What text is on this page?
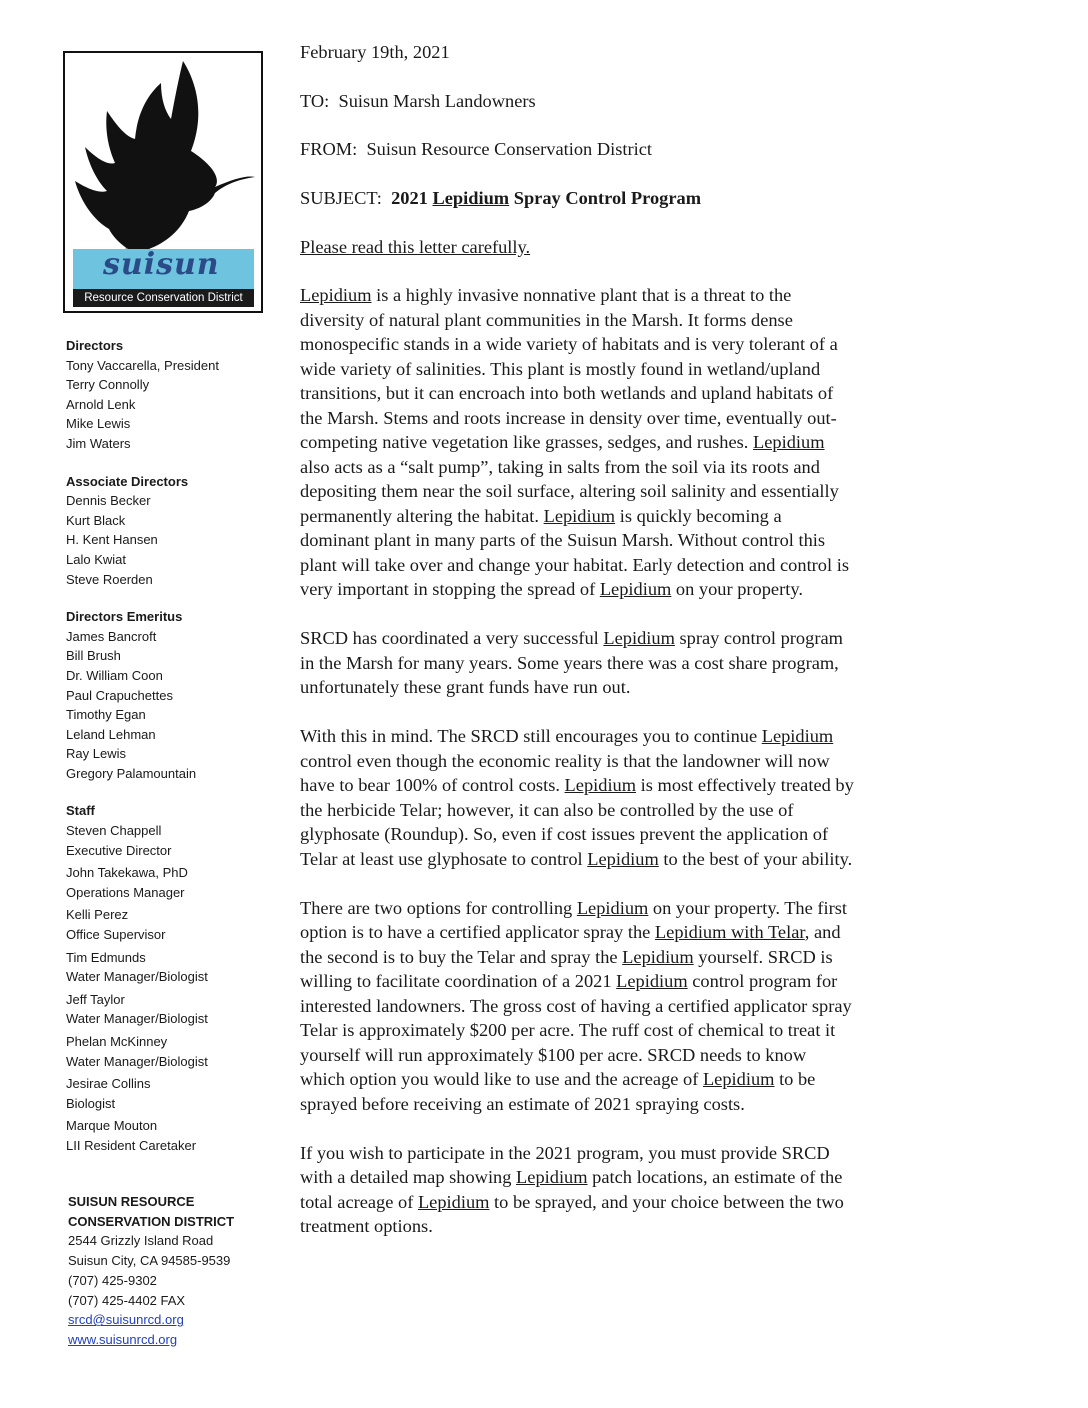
suisun
Resource Conservation District
Directors
Tony Vaccarella, President
Terry Connolly
Arnold Lenk
Mike Lewis
Jim Waters
Associate Directors
Dennis Becker
Kurt Black
H. Kent Hansen
Lalo Kwiat
Steve Roerden
Directors Emeritus
James Bancroft
Bill Brush
Dr. William Coon
Paul Crapuchettes
Timothy Egan
Leland Lehman
Ray Lewis
Gregory Palamountain
Staff
Steven Chappell
Executive Director
John Takekawa, PhD
Operations Manager
Kelli Perez
Office Supervisor
Tim Edmunds
Water Manager/Biologist
Jeff Taylor
Water Manager/Biologist
Phelan McKinney
Water Manager/Biologist
Jesirae Collins
Biologist
Marque Mouton
LII Resident Caretaker
SUISUN RESOURCE
CONSERVATION DISTRICT
2544 Grizzly Island Road
Suisun City, CA 94585-9539
(707) 425-9302
(707) 425-4402 FAX
srcd@suisunrcd.org
www.suisunrcd.org
February 19th, 2021
TO: Suisun Marsh Landowners
FROM: Suisun Resource Conservation District
SUBJECT: 2021 Lepidium Spray Control Program
Please read this letter carefully.

Lepidium is a highly invasive nonnative plant that is a threat to the

diversity of natural plant communities in the Marsh. It forms dense

monospecific stands in a wide variety of habitats and is very tolerant of a

wide variety of salinities. This plant is mostly found in wetland/upland

transitions, but it can encroach into both wetlands and upland habitats of

the Marsh. Stems and roots increase in density over time, eventually out-

competing native vegetation like grasses, sedges, and rushes. Lepidium

also acts as a “salt pump”, taking in salts from the soil via its roots and

depositing them near the soil surface, altering soil salinity and essentially

permanently altering the habitat. Lepidium is quickly becoming a

dominant plant in many parts of the Suisun Marsh. Without control this

plant will take over and change your habitat. Early detection and control is

very important in stopping the spread of Lepidium on your property.

SRCD has coordinated a very successful Lepidium spray control program

in the Marsh for many years. Some years there was a cost share program,

unfortunately these grant funds have run out.

With this in mind. The SRCD still encourages you to continue Lepidium

control even though the economic reality is that the landowner will now

have to bear 100% of control costs. Lepidium is most effectively treated by

the herbicide Telar; however, it can also be controlled by the use of

glyphosate (Roundup). So, even if cost issues prevent the application of

Telar at least use glyphosate to control Lepidium to the best of your ability.

There are two options for controlling Lepidium on your property. The first

option is to have a certified applicator spray the Lepidium with Telar, and

the second is to buy the Telar and spray the Lepidium yourself. SRCD is

willing to facilitate coordination of a 2021 Lepidium control program for

interested landowners. The gross cost of having a certified applicator spray

Telar is approximately $200 per acre. The ruff cost of chemical to treat it

yourself will run approximately $100 per acre. SRCD needs to know

which option you would like to use and the acreage of Lepidium to be

sprayed before receiving an estimate of 2021 spraying costs.

If you wish to participate in the 2021 program, you must provide SRCD

with a detailed map showing Lepidium patch locations, an estimate of the

total acreage of Lepidium to be sprayed, and your choice between the two

treatment options.
